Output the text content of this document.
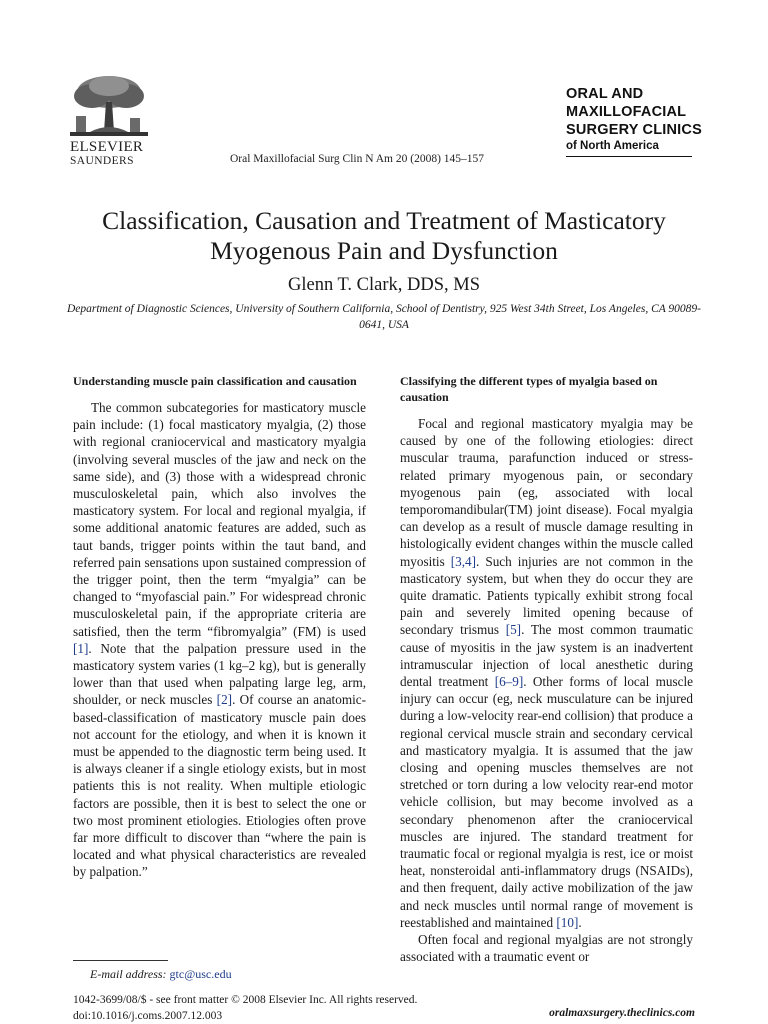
ELSEVIER
SAUNDERS	Oral Maxillofacial Surg Clin N Am 20 (2008) 145–157
ORAL AND
MAXILLOFACIAL
SURGERY CLINICS
of North America
Classification, Causation and Treatment of Masticatory Myogenous Pain and Dysfunction
Glenn T. Clark, DDS, MS
Department of Diagnostic Sciences, University of Southern California, School of Dentistry, 925 West 34th Street, Los Angeles, CA 90089-0641, USA
Understanding muscle pain classification and causation

The common subcategories for masticatory muscle pain include: (1) focal masticatory myalgia, (2) those with regional craniocervical and masticatory myalgia (involving several muscles of the jaw and neck on the same side), and (3) those with a widespread chronic musculoskeletal pain, which also involves the masticatory system. For local and regional myalgia, if some additional anatomic features are added, such as taut bands, trigger points within the taut band, and referred pain sensations upon sustained compression of the trigger point, then the term “myalgia” can be changed to “myofascial pain.” For widespread chronic musculoskeletal pain, if the appropriate criteria are satisfied, then the term “fibromyalgia” (FM) is used [1]. Note that the palpation pressure used in the masticatory system varies (1 kg–2 kg), but is generally lower than that used when palpating large leg, arm, shoulder, or neck muscles [2]. Of course an anatomic-based-classification of masticatory muscle pain does not account for the etiology, and when it is known it must be appended to the diagnostic term being used. It is always cleaner if a single etiology exists, but in most patients this is not reality. When multiple etiologic factors are possible, then it is best to select the one or two most prominent etiologies. Etiologies often prove far more difficult to discover than “where the pain is located and what physical characteristics are revealed by palpation.”

Classifying the different types of myalgia based on causation

Focal and regional masticatory myalgia may be caused by one of the following etiologies: direct muscular trauma, parafunction induced or stress-related primary myogenous pain, or secondary myogenous pain (eg, associated with local temporomandibular(TM) joint disease). Focal myalgia can develop as a result of muscle damage resulting in histologically evident changes within the muscle called myositis [3,4]. Such injuries are not common in the masticatory system, but when they do occur they are quite dramatic. Patients typically exhibit strong focal pain and severely limited opening because of secondary trismus [5]. The most common traumatic cause of myositis in the jaw system is an inadvertent intramuscular injection of local anesthetic during dental treatment [6–9]. Other forms of local muscle injury can occur (eg, neck musculature can be injured during a low-velocity rear-end collision) that produce a regional cervical muscle strain and secondary cervical and masticatory myalgia. It is assumed that the jaw closing and opening muscles themselves are not stretched or torn during a low velocity rear-end motor vehicle collision, but may become involved as a secondary phenomenon after the craniocervical muscles are injured. The standard treatment for traumatic focal or regional myalgia is rest, ice or moist heat, nonsteroidal anti-inflammatory drugs (NSAIDs), and then frequent, daily active mobilization of the jaw and neck muscles until normal range of movement is reestablished and maintained [10].

Often focal and regional myalgias are not strongly associated with a traumatic event or

E-mail address: gtc@usc.edu
1042-3699/08/$ - see front matter © 2008 Elsevier Inc. All rights reserved.
doi:10.1016/j.coms.2007.12.003	oralmaxsurgery.theclinics.com
